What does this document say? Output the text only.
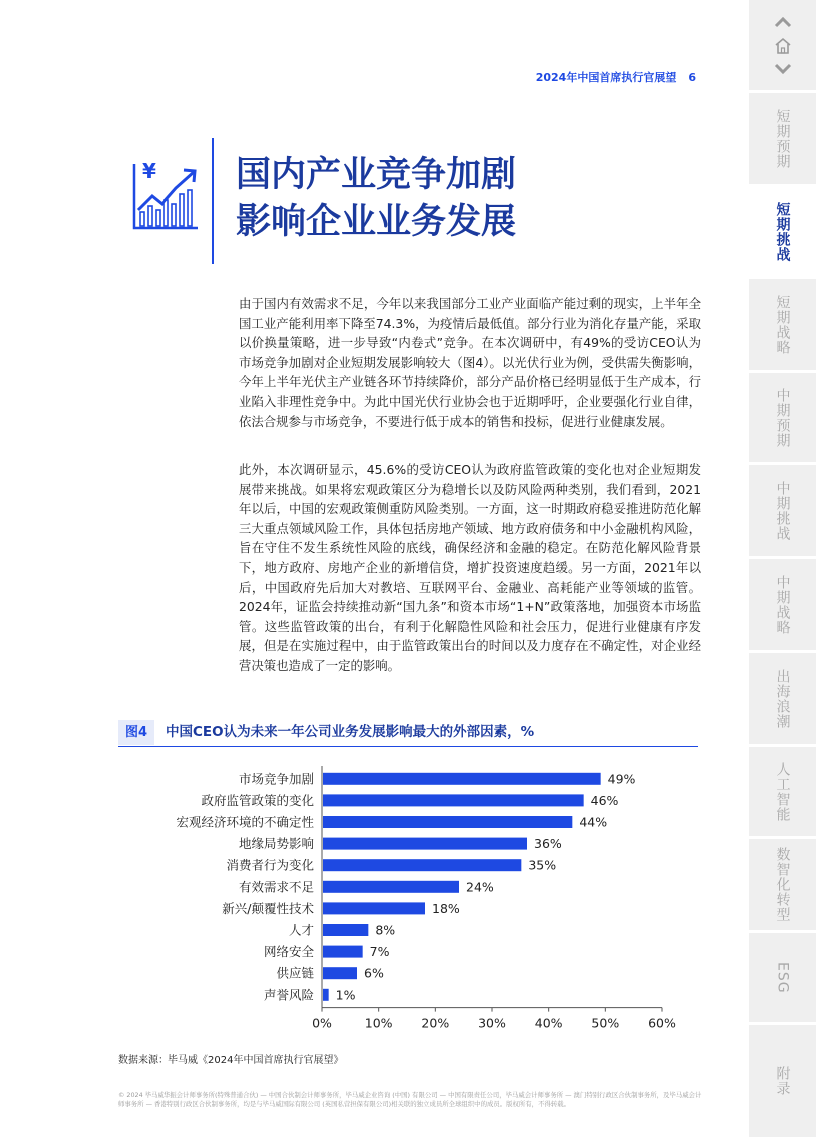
2024年中国首席执行官展望 6
¥ 国内产业竞争加剧
影响企业业务发展

由于国内有效需求不足，今年以来我国部分工业产业面临产能过剩的现实，上半年全国工业产能利用率下降至74.3%，为疫情后最低值。部分行业为消化存量产能，采取以价换量策略，进一步导致“内卷式”竞争。在本次调研中，有49%的受访CEO认为市场竞争加剧对企业短期发展影响较大（图4）。以光伏行业为例，受供需失衡影响，今年上半年光伏主产业链各环节持续降价，部分产品价格已经明显低于生产成本，行业陷入非理性竞争中。为此中国光伏行业协会也于近期呼吁，企业要强化行业自律，依法合规参与市场竞争，不要进行低于成本的销售和投标，促进行业健康发展。

此外，本次调研显示，45.6%的受访CEO认为政府监管政策的变化也对企业短期发展带来挑战。如果将宏观政策区分为稳增长以及防风险两种类别，我们看到，2021年以后，中国的宏观政策侧重防风险类别。一方面，这一时期政府稳妥推进防范化解三大重点领域风险工作，具体包括房地产领域、地方政府债务和中小金融机构风险，旨在守住不发生系统性风险的底线，确保经济和金融的稳定。在防范化解风险背景下，地方政府、房地产企业的新增信贷，增扩投资速度趋缓。另一方面，2021年以后，中国政府先后加大对教培、互联网平台、金融业、高耗能产业等领域的监管。2024年，证监会持续推动新“国九条”和资本市场“1+N”政策落地，加强资本市场监管。这些监管政策的出台，有利于化解隐性风险和社会压力，促进行业健康有序发展，但是在实施过程中，由于监管政策出台的时间以及力度存在不确定性，对企业经营决策也造成了一定的影响。

图4	中国CEO认为未来一年公司业务发展影响最大的外部因素，%
市场竞争加剧	49%
政府监管政策的变化	46%
宏观经济环境的不确定性	44%
地缘局势影响	36%
消费者行为变化	35%
有效需求不足	24%
新兴/颠覆性技术	18%
人才	8%
网络安全	7%
供应链	6%
声誉风险 1%
0%	10% 20% 30% 40% 50% 60%
数据来源：毕马威《2024年中国首席执行官展望》
© 2024 毕马威华振会计师事务所(特殊普通合伙) — 中国合伙制会计师事务所，毕马威企业咨询 (中国) 有限公司 — 中国有限责任公司，毕马威会计师事务所 — 澳门特别行政区合伙制事务所，及毕马威会计师事务所 — 香港特别行政区合伙制事务所，均是与毕马威国际有限公司 (英国私营担保有限公司)相关联的独立成员所全球组织中的成员。版权所有，不得转载。
短期预期
短期挑战
短期战略
中期预期
中期挑战
中期战略
出海浪潮
人工智能
数智化转型
ESG
附录
